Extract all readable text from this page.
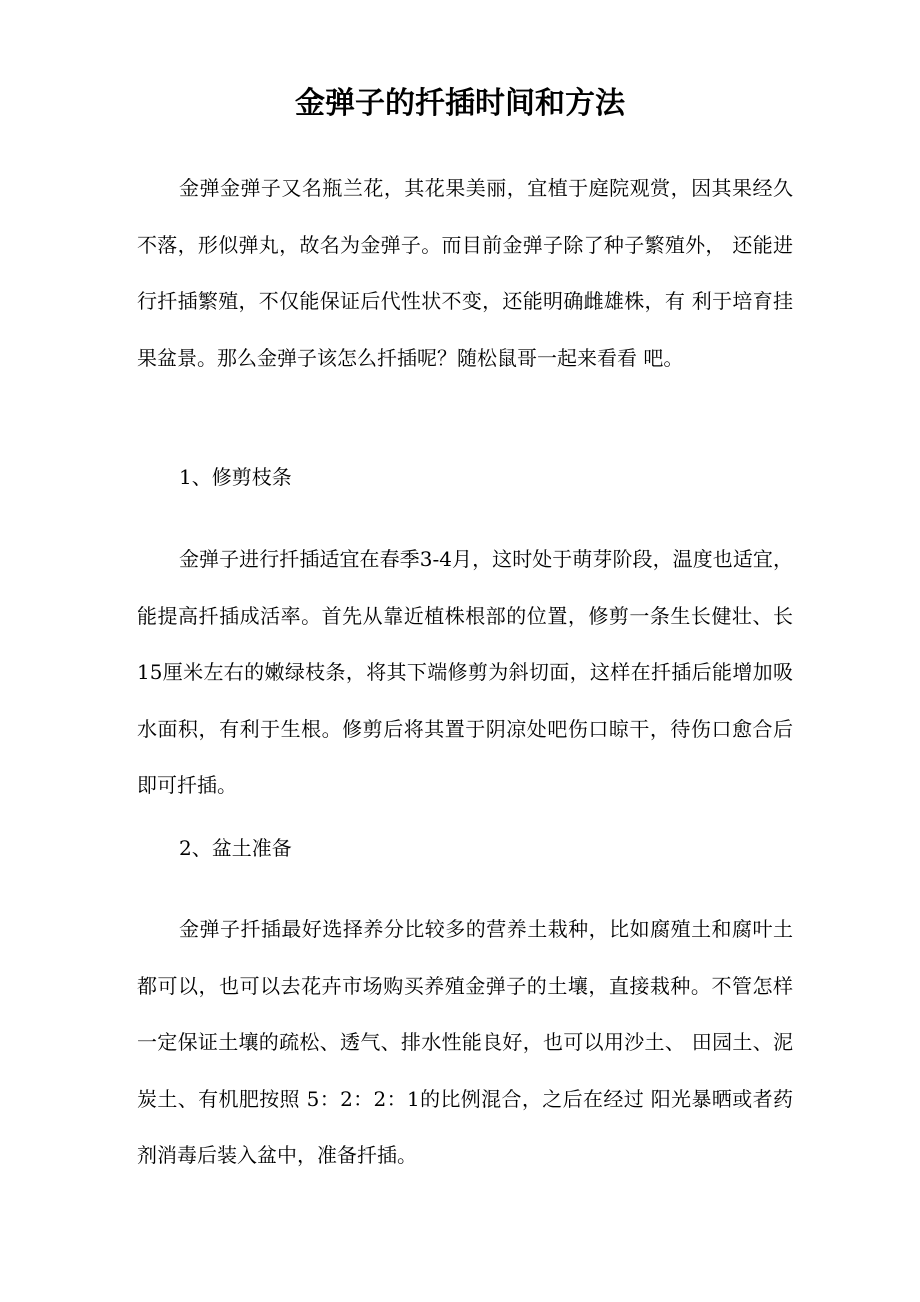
金弹子的扦插时间和方法

金弹金弹子又名瓶兰花，其花果美丽，宜植于庭院观赏，因其果经久不落，形似弹丸，故名为金弹子。而目前金弹子除了种子繁殖外， 还能进行扦插繁殖，不仅能保证后代性状不变，还能明确雌雄株，有 利于培育挂果盆景。那么金弹子该怎么扦插呢？随松鼠哥一起来看看 吧。

1、修剪枝条

金弹子进行扦插适宜在春季3-4月，这时处于萌芽阶段，温度也适宜，能提高扦插成活率。首先从靠近植株根部的位置，修剪一条生长健壮、长 15厘米左右的嫩绿枝条，将其下端修剪为斜切面，这样在扦插后能增加吸水面积，有利于生根。修剪后将其置于阴凉处吧伤口晾干，待伤口愈合后即可扦插。

2、盆土准备

金弹子扦插最好选择养分比较多的营养土栽种，比如腐殖土和腐叶土都可以，也可以去花卉市场购买养殖金弹子的土壤，直接栽种。不管怎样一定保证土壤的疏松、透气、排水性能良好，也可以用沙土、 田园土、泥炭土、有机肥按照 5：2：2：1的比例混合，之后在经过 阳光暴晒或者药剂消毒后装入盆中，准备扦插。
